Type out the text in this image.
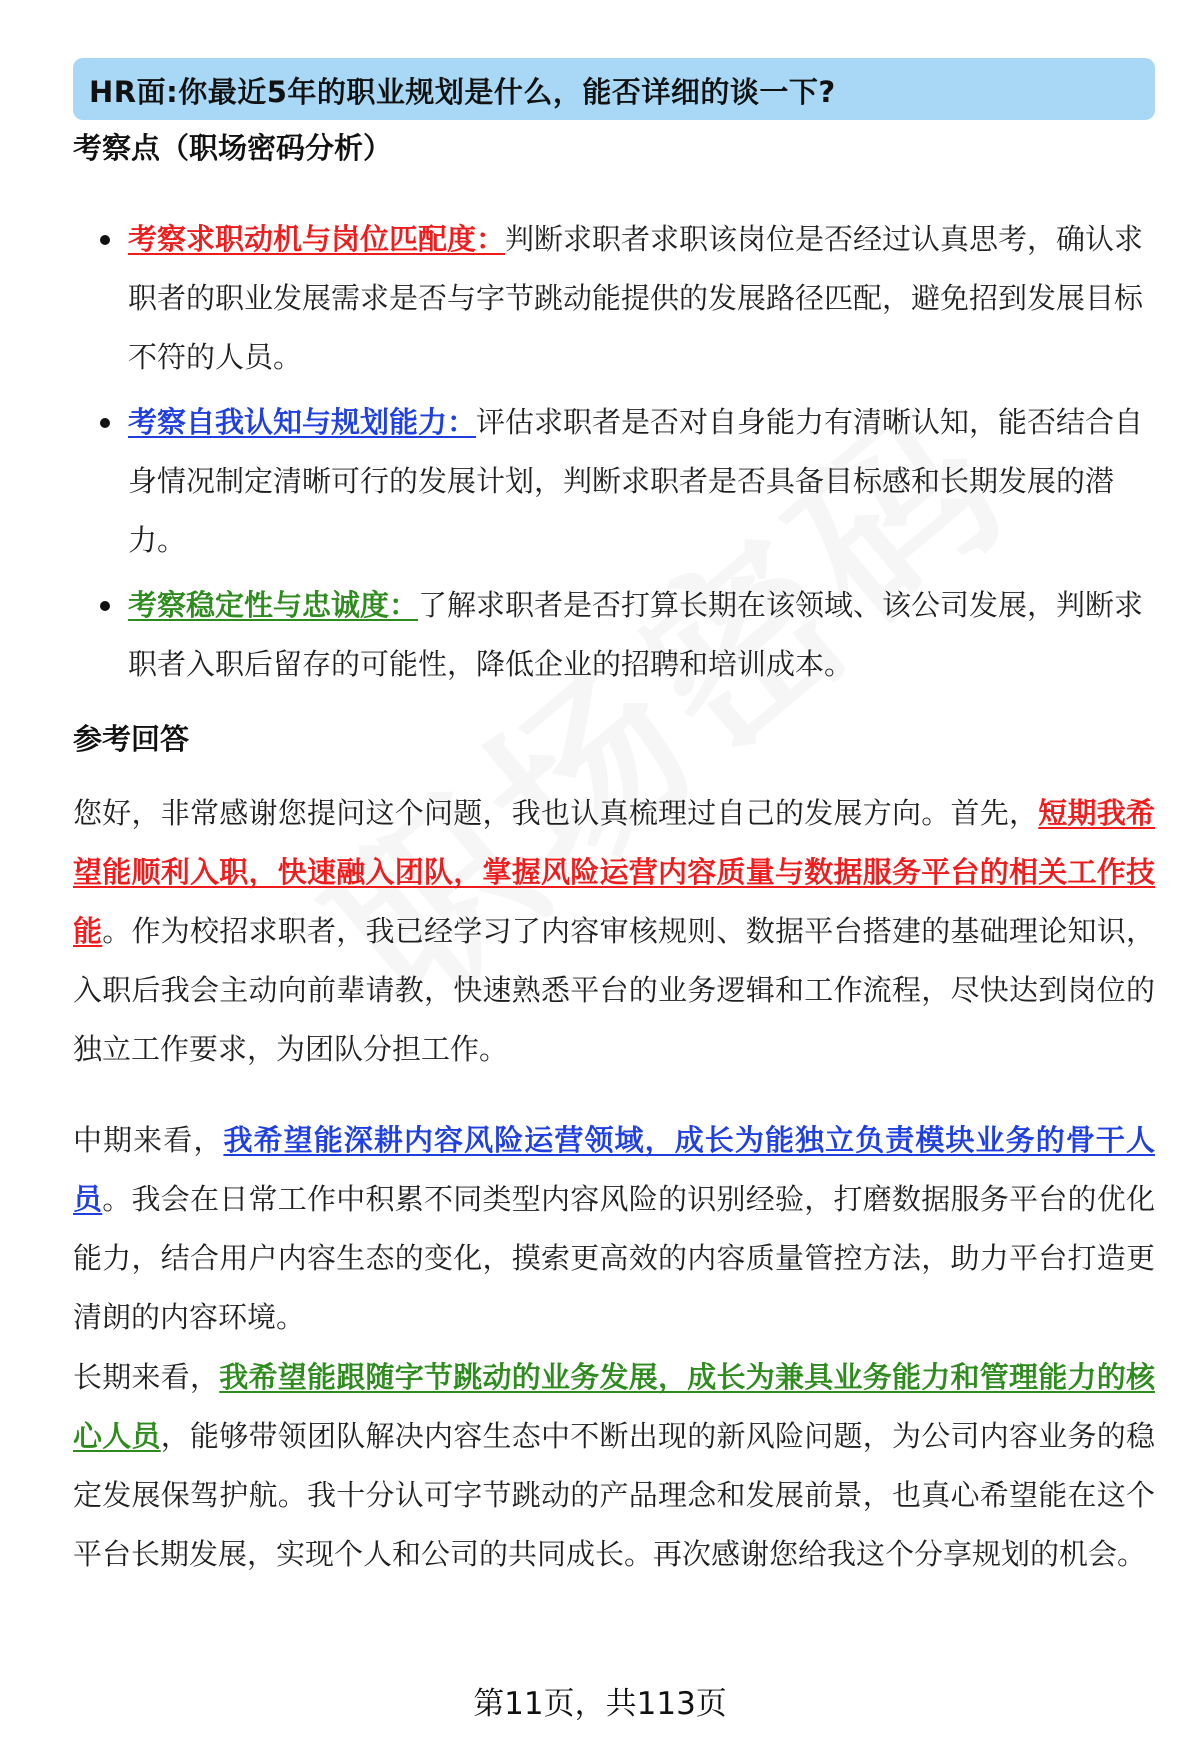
HR面:你最近5年的职业规划是什么，能否详细的谈一下?
考察点（职场密码分析）
考察求职动机与岗位匹配度：判断求职者求职该岗位是否经过认真思考，确认求职者的职业发展需求是否与字节跳动能提供的发展路径匹配，避免招到发展目标不符的人员。
考察自我认知与规划能力：评估求职者是否对自身能力有清晰认知，能否结合自身情况制定清晰可行的发展计划，判断求职者是否具备目标感和长期发展的潜力。
考察稳定性与忠诚度：了解求职者是否打算长期在该领域、该公司发展，判断求职者入职后留存的可能性，降低企业的招聘和培训成本。
参考回答
您好，非常感谢您提问这个问题，我也认真梳理过自己的发展方向。首先，短期我希望能顺利入职，快速融入团队，掌握风险运营内容质量与数据服务平台的相关工作技能。作为校招求职者，我已经学习了内容审核规则、数据平台搭建的基础理论知识，入职后我会主动向前辈请教，快速熟悉平台的业务逻辑和工作流程，尽快达到岗位的独立工作要求，为团队分担工作。
中期来看，我希望能深耕内容风险运营领域，成长为能独立负责模块业务的骨干人员。我会在日常工作中积累不同类型内容风险的识别经验，打磨数据服务平台的优化能力，结合用户内容生态的变化，摸索更高效的内容质量管控方法，助力平台打造更清朗的内容环境。
长期来看，我希望能跟随字节跳动的业务发展，成长为兼具业务能力和管理能力的核心人员，能够带领团队解决内容生态中不断出现的新风险问题，为公司内容业务的稳定发展保驾护航。我十分认可字节跳动的产品理念和发展前景，也真心希望能在这个平台长期发展，实现个人和公司的共同成长。再次感谢您给我这个分享规划的机会。
第11页，共113页
